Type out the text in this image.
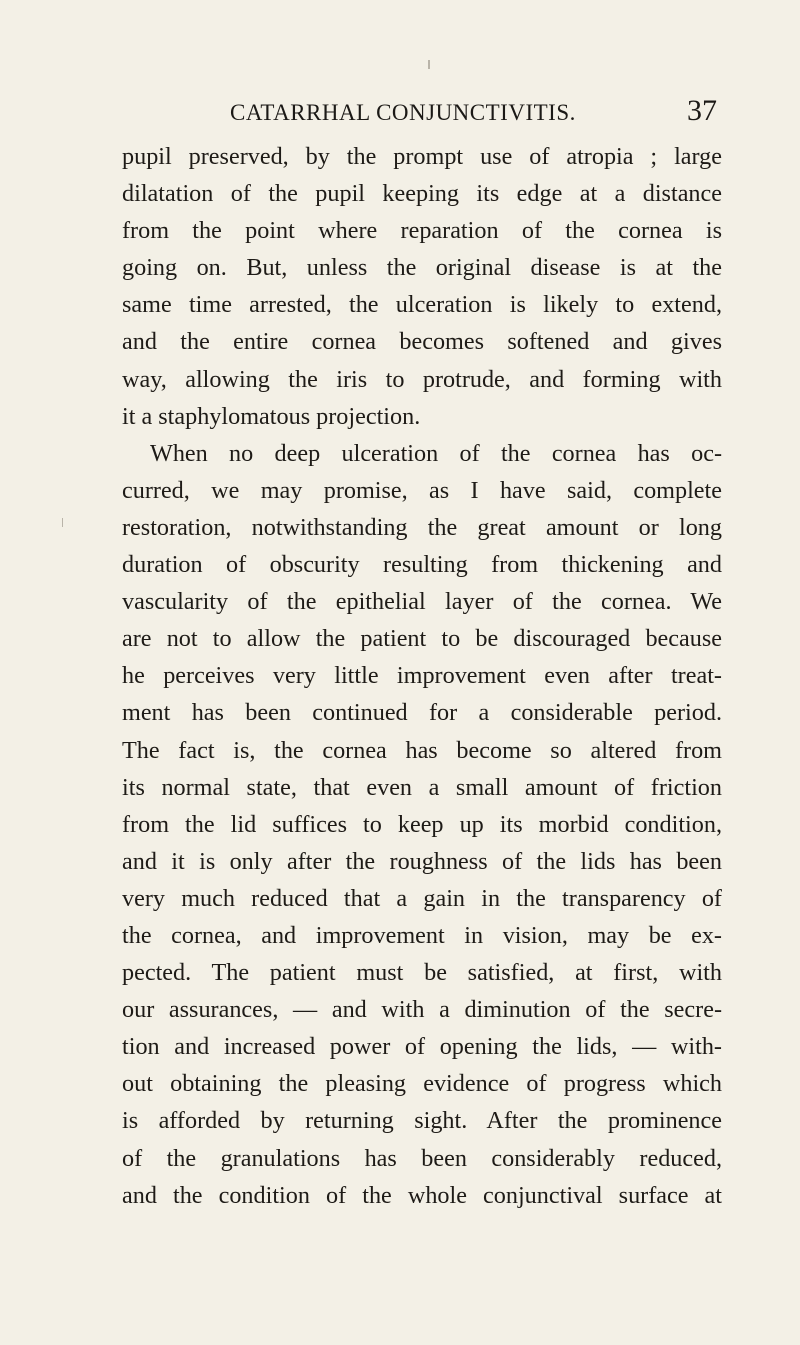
CATARRHAL CONJUNCTIVITIS.	37
pupil preserved, by the prompt use of atropia ; large
dilatation of the pupil keeping its edge at a distance
from the point where reparation of the cornea is
going on. But, unless the original disease is at the
same time arrested, the ulceration is likely to extend,
and the entire cornea becomes softened and gives
way, allowing the iris to protrude, and forming with
it a staphylomatous projection.
When no deep ulceration of the cornea has oc-
curred, we may promise, as I have said, complete
restoration, notwithstanding the great amount or long
duration of obscurity resulting from thickening and
vascularity of the epithelial layer of the cornea. We
are not to allow the patient to be discouraged because
he perceives very little improvement even after treat-
ment has been continued for a considerable period.
The fact is, the cornea has become so altered from
its normal state, that even a small amount of friction
from the lid suffices to keep up its morbid condition,
and it is only after the roughness of the lids has been
very much reduced that a gain in the transparency of
the cornea, and improvement in vision, may be ex-
pected. The patient must be satisfied, at first, with
our assurances, — and with a diminution of the secre-
tion and increased power of opening the lids, — with-
out obtaining the pleasing evidence of progress which
is afforded by returning sight. After the prominence
of the granulations has been considerably reduced,
and the condition of the whole conjunctival surface at
